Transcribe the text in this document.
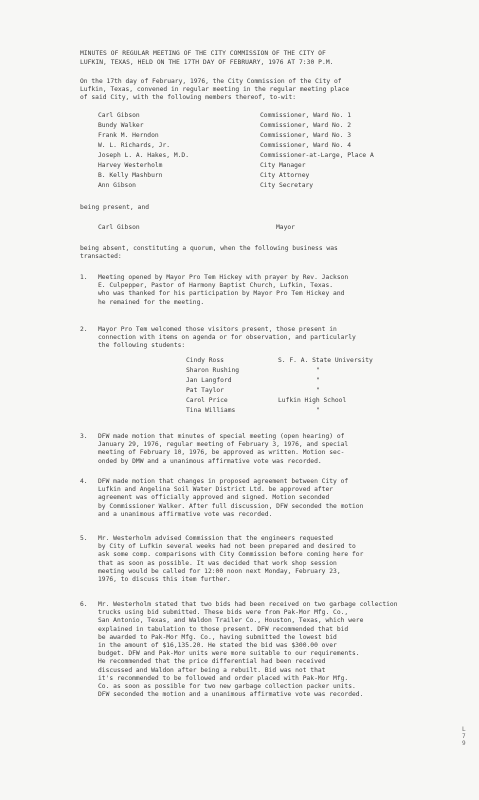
MINUTES OF REGULAR MEETING OF THE CITY COMMISSION OF THE CITY OF
LUFKIN, TEXAS, HELD ON THE 17TH DAY OF FEBRUARY, 1976 AT 7:30 P.M.
On the 17th day of February, 1976, the City Commission of the City of
Lufkin, Texas, convened in regular meeting in the regular meeting place
of said City, with the following members thereof, to-wit:
Carl Gibson	Commissioner, Ward No. 1
Bundy Walker	Commissioner, Ward No. 2
Frank M. Herndon	Commissioner, Ward No. 3
W. L. Richards, Jr.	Commissioner, Ward No. 4
Joseph L. A. Hakes, M.D.	Commissioner-at-Large, Place A
Harvey Westerholm	City Manager
B. Kelly Mashburn	City Attorney
Ann Gibson	City Secretary
being present, and
Carl Gibson	Mayor
being absent, constituting a quorum, when the following business was
transacted:
1. Meeting opened by Mayor Pro Tem Hickey with prayer by Rev. Jackson
E. Culpepper, Pastor of Harmony Baptist Church, Lufkin, Texas.
who was thanked for his participation by Mayor Pro Tem Hickey and
he remained for the meeting.
2. Mayor Pro Tem welcomed those visitors present, those present in
connection with items on agenda or for observation, and particularly
the following students:
Cindy Ross	S. F. A. State University
Sharon Rushing	"
Jan Langford	"
Pat Taylor	"
Carol Price	Lufkin High School
Tina Williams	"
3. DFW made motion that minutes of special meeting (open hearing) of
January 29, 1976, regular meeting of February 3, 1976, and special
meeting of February 10, 1976, be approved as written. Motion sec-
onded by DMW and a unanimous affirmative vote was recorded.
4. DFW made motion that changes in proposed agreement between City of
Lufkin and Angelina Soil Water District Ltd. be approved after
agreement was officially approved and signed. Motion seconded
by Commissioner Walker. After full discussion, DFW seconded the motion
and a unanimous affirmative vote was recorded.
5. Mr. Westerholm advised Commission that the engineers requested
by City of Lufkin several weeks had not been prepared and desired to
ask some comp. comparisons with City Commission before coming here for
that as soon as possible. It was decided that work shop session
meeting would be called for 12:00 noon next Monday, February 23,
1976, to discuss this item further.
6. Mr. Westerholm stated that two bids had been received on two garbage collection
trucks using bid submitted. These bids were from Pak-Mor Mfg. Co.,
San Antonio, Texas, and Waldon Trailer Co., Houston, Texas, which were
explained in tabulation to those present. DFW recommended that bid
be awarded to Pak-Mor Mfg. Co., having submitted the lowest bid
in the amount of $16,135.20. He stated the bid was $300.00 over
budget. DFW and Pak-Mor units were more suitable to our requirements.
He recommended that the price differential had been received
discussed and Waldon after being a rebuilt. Bid was not that
it's recommended to be followed and order placed with Pak-Mor Mfg.
Co. as soon as possible for two new garbage collection packer units.
DFW seconded the motion and a unanimous affirmative vote was recorded.
L
7
9
